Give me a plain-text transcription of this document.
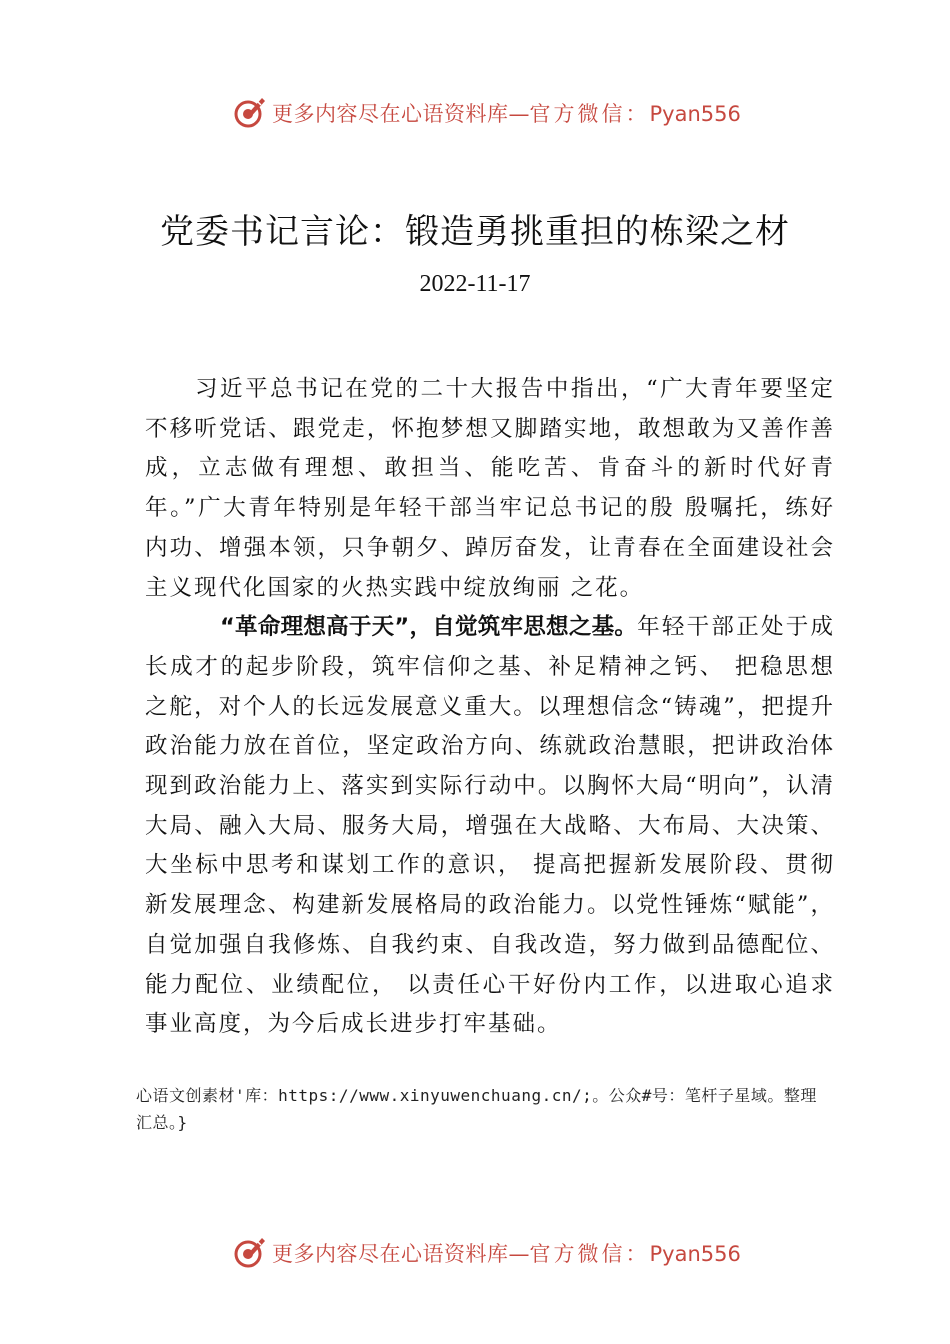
更多内容尽在心语资料库—官方微信：Pyan556
党委书记言论：锻造勇挑重担的栋梁之材
2022-11-17

习近平总书记在党的二十大报告中指出，“广大青年要坚定不移听党话、跟党走，怀抱梦想又脚踏实地，敢想敢为又善作善成，立志做有理想、敢担当、能吃苦、肯奋斗的新时代好青年。”广大青年特别是年轻干部当牢记总书记的殷 殷嘱托，练好内功、增强本领，只争朝夕、踔厉奋发，让青春在全面建设社会主义现代化国家的火热实践中绽放绚丽 之花。

“革命理想高于天”，自觉筑牢思想之基。年轻干部正处于成长成才的起步阶段，筑牢信仰之基、补足精神之钙、 把稳思想之舵，对个人的长远发展意义重大。以理想信念“铸魂”，把提升政治能力放在首位，坚定政治方向、练就政治慧眼，把讲政治体现到政治能力上、落实到实际行动中。以胸怀大局“明向”，认清大局、融入大局、服务大局，增强在大战略、大布局、大决策、大坐标中思考和谋划工作的意识， 提高把握新发展阶段、贯彻新发展理念、构建新发展格局的政治能力。以党性锤炼“赋能”，自觉加强自我修炼、自我约束、自我改造，努力做到品德配位、能力配位、业绩配位， 以责任心干好份内工作，以进取心追求事业高度，为今后成长进步打牢基础。

心语文创素材'库：https://www.xinyuwenchuang.cn/;。公众#号：笔杆子星域。整理汇总。}
更多内容尽在心语资料库—官方微信：Pyan556
